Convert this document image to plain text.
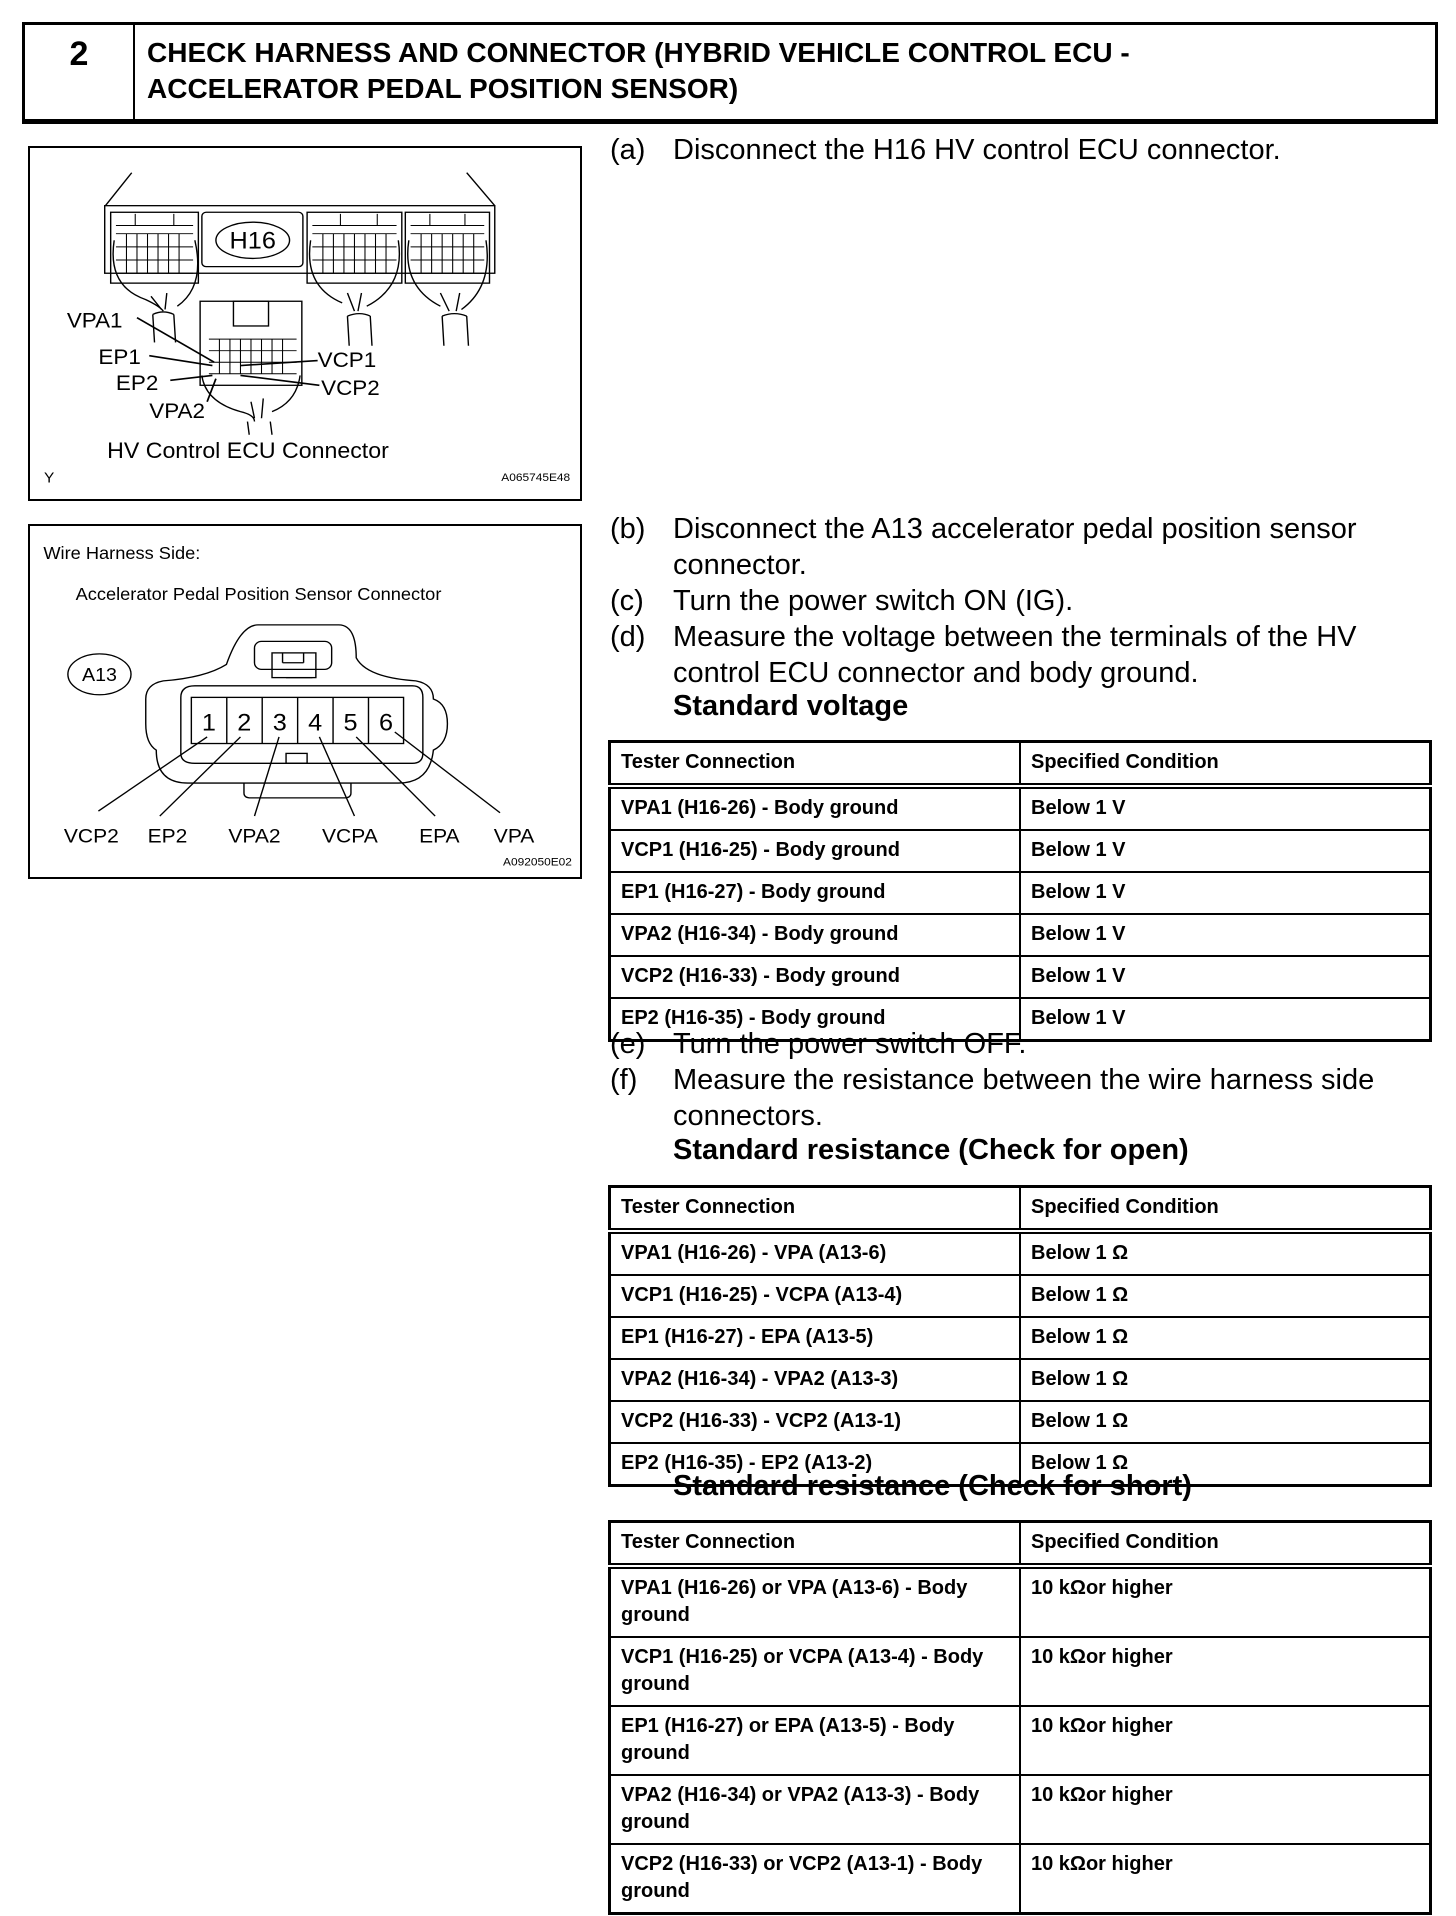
2	CHECK HARNESS AND CONNECTOR (HYBRID VEHICLE CONTROL ECU -
ACCELERATOR PEDAL POSITION SENSOR)
H16
VPA1
EP1
EP2
VPA2
VCP1
VCP2
HV Control ECU Connector
Y	A065745E48
Wire Harness Side:
Accelerator Pedal Position Sensor Connector
A13
1 2 3 4 5 6
VCP2 EP2 VPA2 VCPA EPA VPA
A092050E02
(a) Disconnect the H16 HV control ECU connector.
(b) Disconnect the A13 accelerator pedal position sensor connector.
(c)	Turn the power switch ON (IG).
(d) Measure the voltage between the terminals of the HV control ECU connector and body ground.
Standard voltage
Tester Connection	Specified Condition
VPA1 (H16-26) - Body ground	Below 1 V
VCP1 (H16-25) - Body ground	Below 1 V
EP1 (H16-27) - Body ground	Below 1 V
VPA2 (H16-34) - Body ground	Below 1 V
VCP2 (H16-33) - Body ground	Below 1 V
EP2 (H16-35) - Body ground	Below 1 V
(e) Turn the power switch OFF.
(f)	Measure the resistance between the wire harness side connectors.
Standard resistance (Check for open)
Tester Connection	Specified Condition
VPA1 (H16-26) - VPA (A13-6)	Below 1 Ω
VCP1 (H16-25) - VCPA (A13-4)	Below 1 Ω
EP1 (H16-27) - EPA (A13-5)	Below 1 Ω
VPA2 (H16-34) - VPA2 (A13-3)	Below 1 Ω
VCP2 (H16-33) - VCP2 (A13-1)	Below 1 Ω
EP2 (H16-35) - EP2 (A13-2)	Below 1 Ω
Standard resistance (Check for short)
Tester Connection	Specified Condition
VPA1 (H16-26) or VPA (A13-6) - Body ground	10 kΩor higher
VCP1 (H16-25) or VCPA (A13-4) - Body ground	10 kΩor higher
EP1 (H16-27) or EPA (A13-5) - Body ground	10 kΩor higher
VPA2 (H16-34) or VPA2 (A13-3) - Body ground	10 kΩor higher
VCP2 (H16-33) or VCP2 (A13-1) - Body ground	10 kΩor higher
